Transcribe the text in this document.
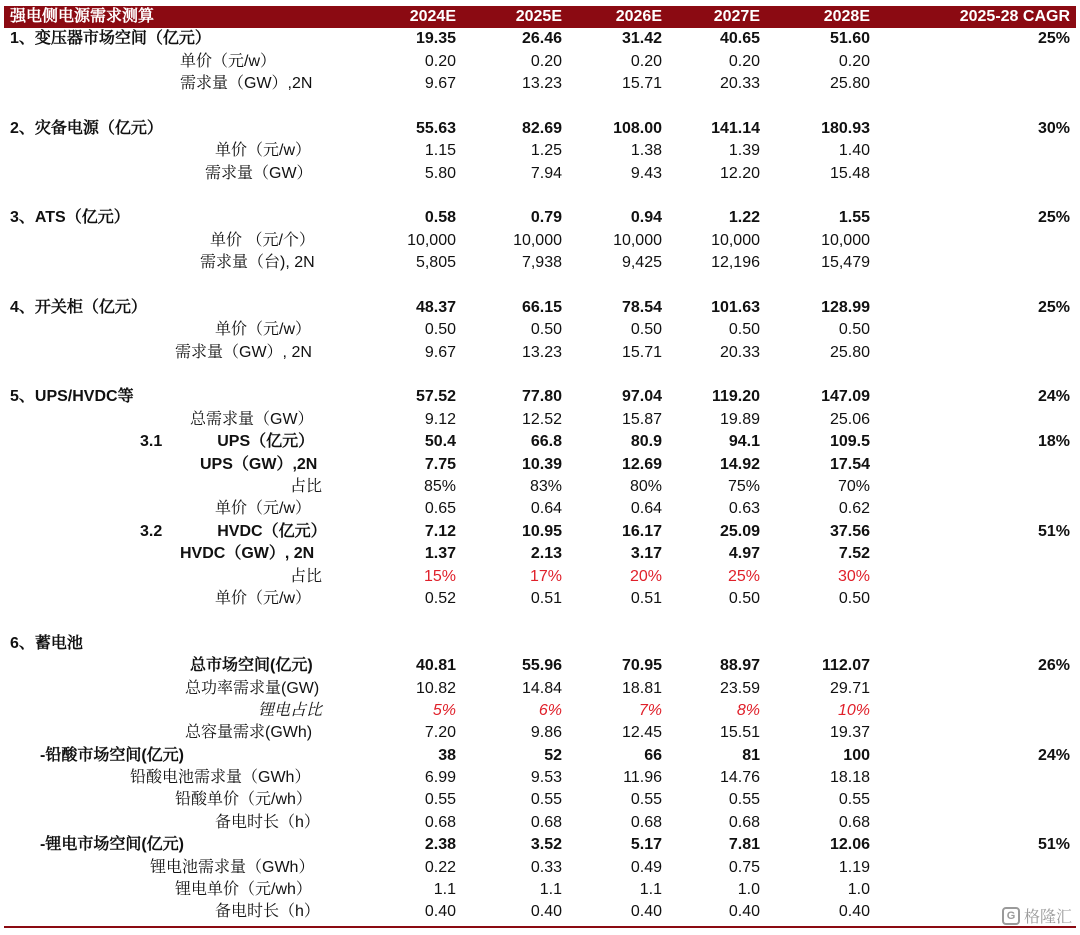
强电侧电源需求测算	2024E	2025E	2026E	2027E	2028E	2025-28 CAGR
1、变压器市场空间（亿元）	19.35	26.46	31.42	40.65	51.60	25%
单价（元/w）	0.20	0.20	0.20	0.20	0.20	
需求量（GW）,2N	9.67	13.23	15.71	20.33	25.80	

2、灾备电源（亿元）	55.63	82.69	108.00	141.14	180.93	30%
单价（元/w）	1.15	1.25	1.38	1.39	1.40	
需求量（GW）	5.80	7.94	9.43	12.20	15.48	

3、ATS（亿元）	0.58	0.79	0.94	1.22	1.55	25%
单价 （元/个）	10,000	10,000	10,000	10,000	10,000	
需求量（台), 2N	5,805	7,938	9,425	12,196	15,479	

4、开关柜（亿元）	48.37	66.15	78.54	101.63	128.99	25%
单价（元/w）	0.50	0.50	0.50	0.50	0.50	
需求量（GW）, 2N	9.67	13.23	15.71	20.33	25.80	

5、UPS/HVDC等	57.52	77.80	97.04	119.20	147.09	24%
总需求量（GW）	9.12	12.52	15.87	19.89	25.06	
3.1 UPS（亿元）	50.4	66.8	80.9	94.1	109.5	18%
UPS（GW）,2N	7.75	10.39	12.69	14.92	17.54	
占比	85%	83%	80%	75%	70%	
单价（元/w）	0.65	0.64	0.64	0.63	0.62	
3.2 HVDC（亿元）	7.12	10.95	16.17	25.09	37.56	51%
HVDC（GW）, 2N	1.37	2.13	3.17	4.97	7.52	
占比	15%	17%	20%	25%	30%	
单价（元/w）	0.52	0.51	0.51	0.50	0.50	

6、蓄电池						
总市场空间(亿元)	40.81	55.96	70.95	88.97	112.07	26%
总功率需求量(GW)	10.82	14.84	18.81	23.59	29.71	
锂电占比	5%	6%	7%	8%	10%	
总容量需求(GWh)	7.20	9.86	12.45	15.51	19.37	
-铅酸市场空间(亿元)	38	52	66	81	100	24%
铅酸电池需求量（GWh）	6.99	9.53	11.96	14.76	18.18	
铅酸单价（元/wh）	0.55	0.55	0.55	0.55	0.55	
备电时长（h）	0.68	0.68	0.68	0.68	0.68	
-锂电市场空间(亿元)	2.38	3.52	5.17	7.81	12.06	51%
锂电池需求量（GWh）	0.22	0.33	0.49	0.75	1.19	
锂电单价（元/wh）	1.1	1.1	1.1	1.0	1.0	
备电时长（h）	0.40	0.40	0.40	0.40	0.40		G 格隆汇
